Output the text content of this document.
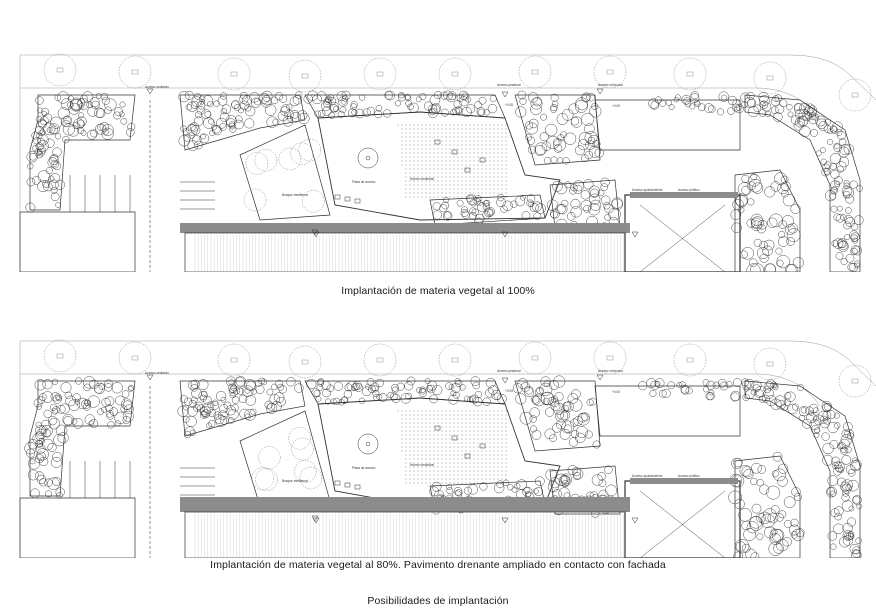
Acceso centrado	Acceso peatonal	Acceso vehículos
+0.00
+0.00
Bosque mediterral
Plaza de acceso
Huerto medicinal
Acceso ayuntamiento	Acceso público
Implantación de materia vegetal al 100%
Acceso centrado	Acceso peatonal	Acceso vehículos
+0.00
+0.00
Bosque mediterral
Plaza de acceso
Huerto medicinal
Acceso ayuntamiento	Acceso público
Implantación de materia vegetal al 80%. Pavimento drenante ampliado en contacto con fachada
Posibilidades de implantación
